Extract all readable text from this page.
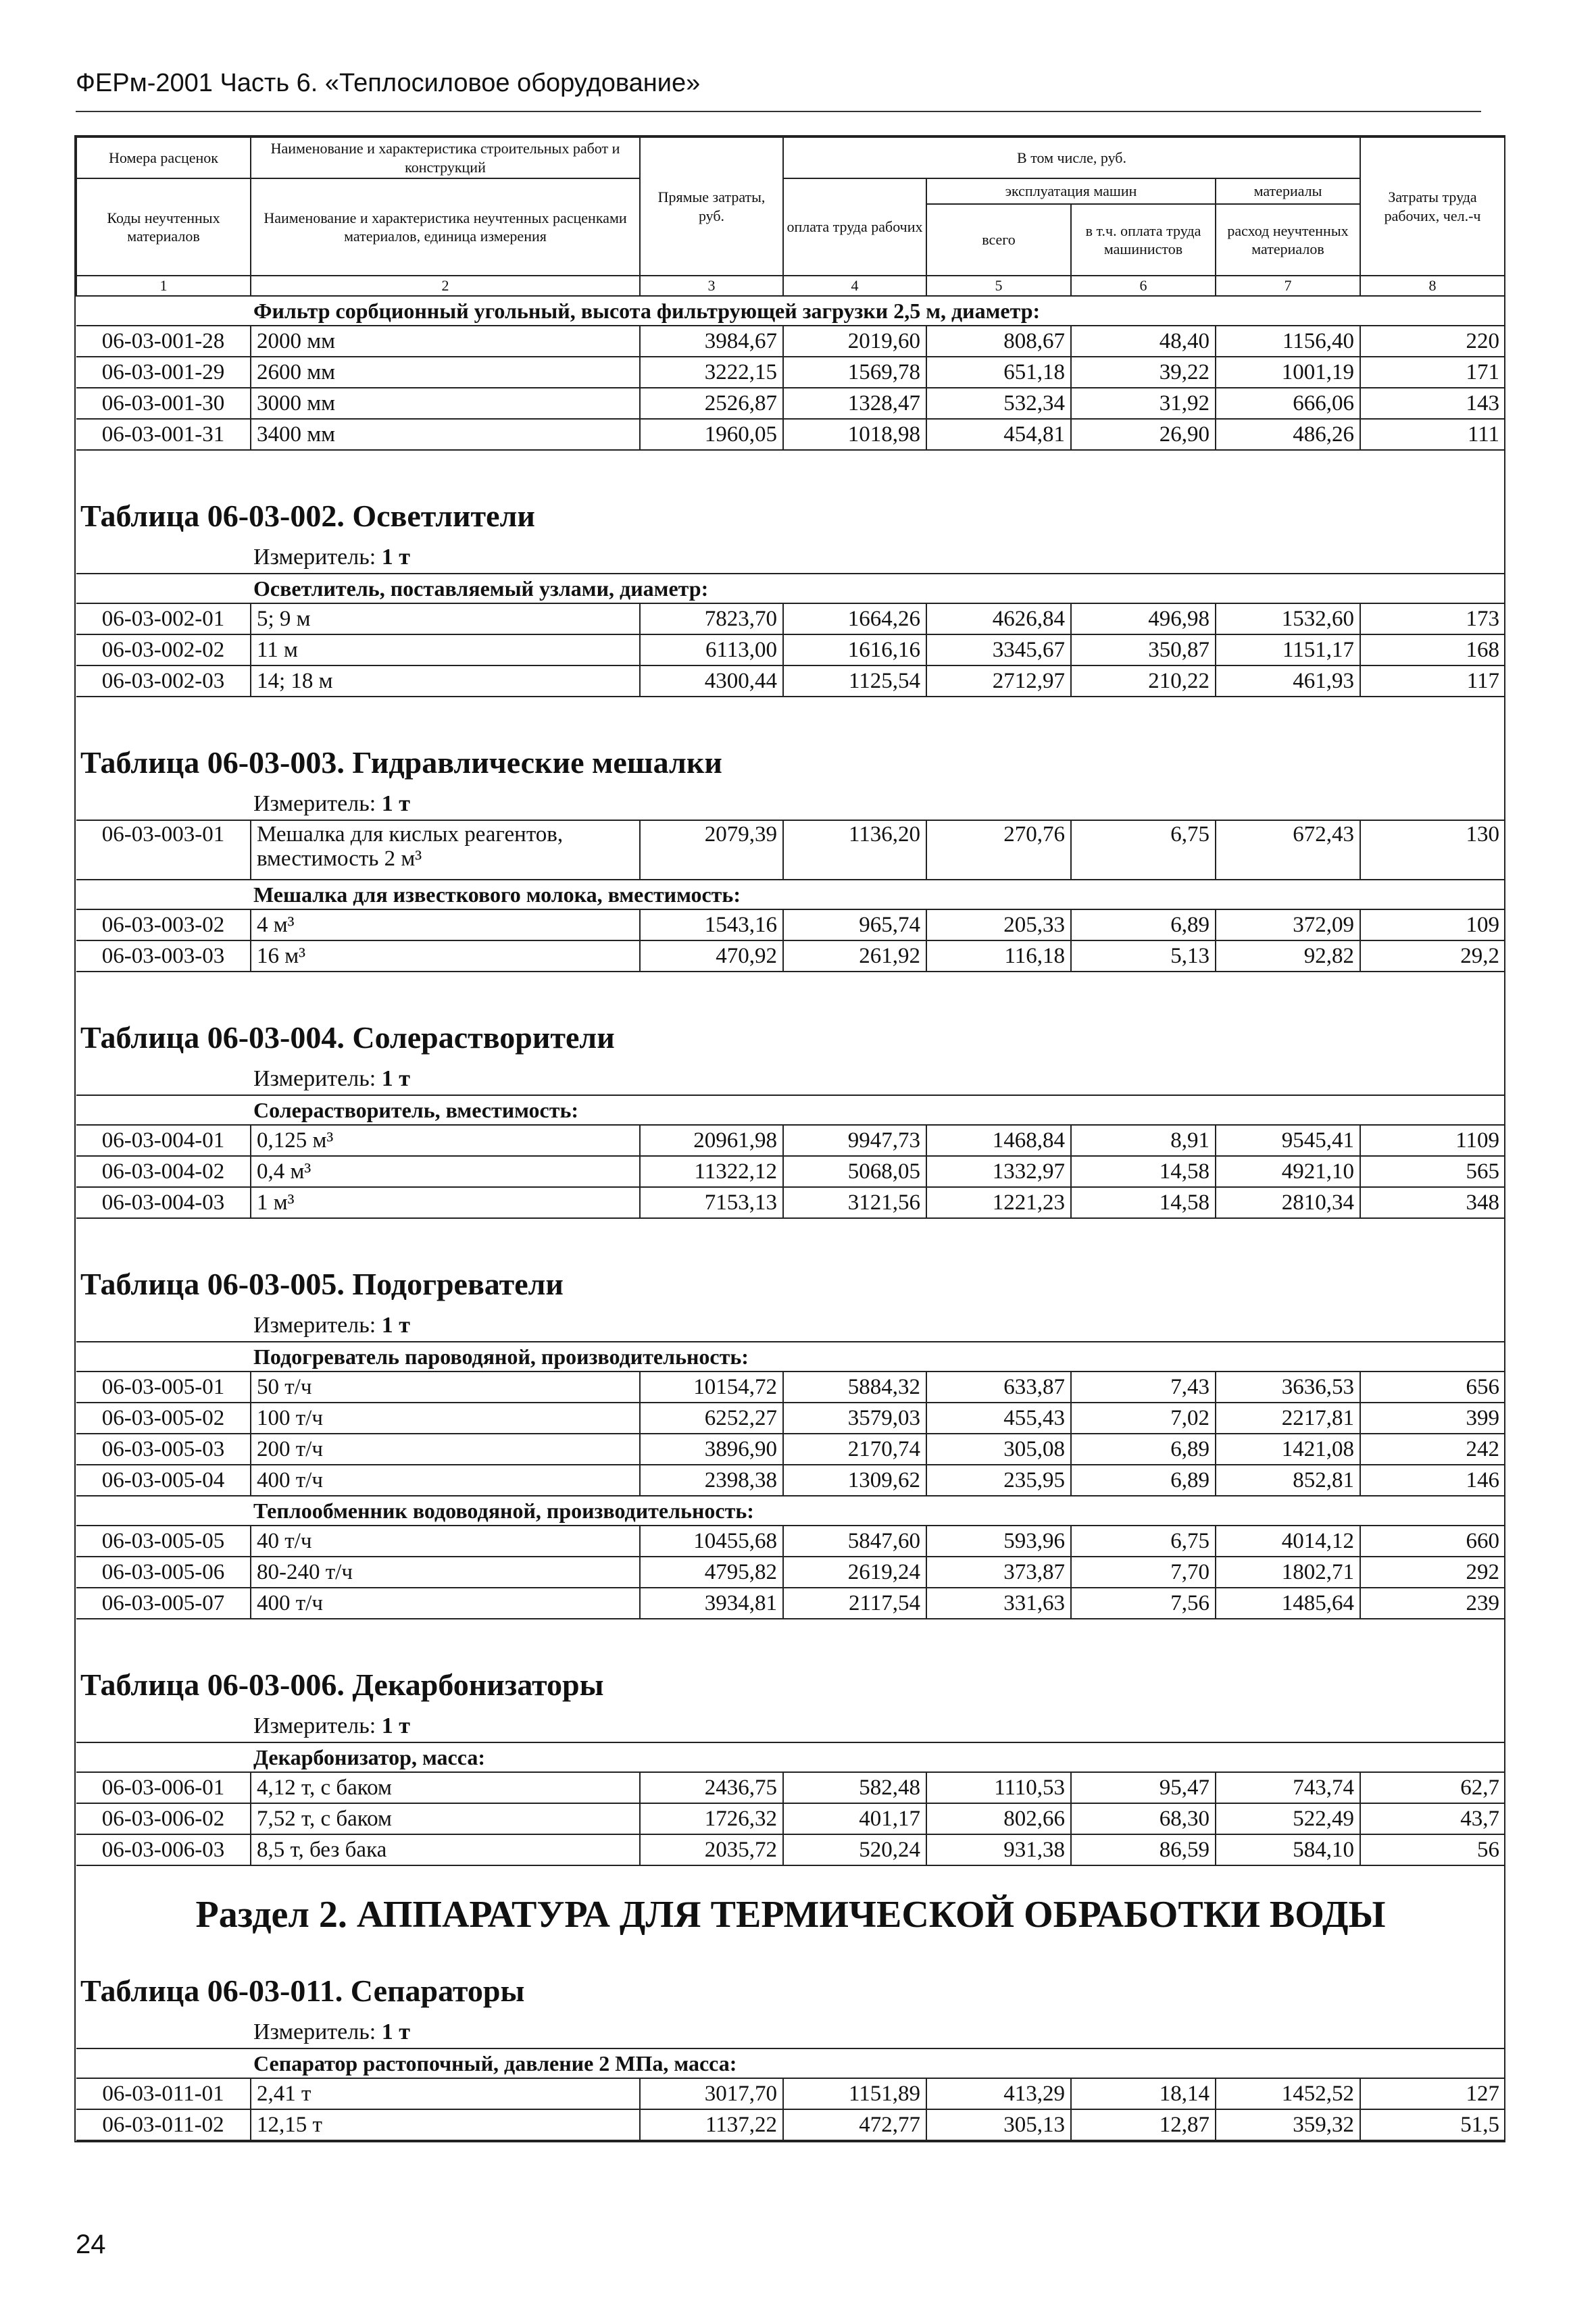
ФЕРм-2001 Часть 6. «Теплосиловое оборудование»
Номера расценок	Наименование и характеристика строительных работ и конструкций	Прямые затраты, руб.	В том числе, руб.				Затраты труда рабочих, чел.-ч
Коды неучтенных материалов	Наименование и характеристика неучтенных расценками материалов, единица измерения		оплата труда рабочих	эксплуатация машин		материалы	
				всего	в т.ч. оплата труда машинистов	расход неучтенных материалов	
1	2	3	4	5	6	7	8
	Фильтр сорбционный угольный, высота фильтрующей загрузки 2,5 м, диаметр:						
06-03-001-28	2000 мм	3984,67	2019,60	808,67	48,40	1156,40	220
06-03-001-29	2600 мм	3222,15	1569,78	651,18	39,22	1001,19	171
06-03-001-30	3000 мм	2526,87	1328,47	532,34	31,92	666,06	143
06-03-001-31	3400 мм	1960,05	1018,98	454,81	26,90	486,26	111

Таблица 06-03-002. Осветлители							
	Измеритель: 1 т						
	Осветлитель, поставляемый узлами, диаметр:						
06-03-002-01	5; 9 м	7823,70	1664,26	4626,84	496,98	1532,60	173
06-03-002-02	11 м	6113,00	1616,16	3345,67	350,87	1151,17	168
06-03-002-03	14; 18 м	4300,44	1125,54	2712,97	210,22	461,93	117

Таблица 06-03-003. Гидравлические мешалки							
	Измеритель: 1 т						
06-03-003-01	Мешалка для кислых реагентов, вместимость 2 м³	2079,39	1136,20	270,76	6,75	672,43	130
	Мешалка для известкового молока, вместимость:						
06-03-003-02	4 м³	1543,16	965,74	205,33	6,89	372,09	109
06-03-003-03	16 м³	470,92	261,92	116,18	5,13	92,82	29,2

Таблица 06-03-004. Солерастворители							
	Измеритель: 1 т						
	Солерастворитель, вместимость:						
06-03-004-01	0,125 м³	20961,98	9947,73	1468,84	8,91	9545,41	1109
06-03-004-02	0,4 м³	11322,12	5068,05	1332,97	14,58	4921,10	565
06-03-004-03	1 м³	7153,13	3121,56	1221,23	14,58	2810,34	348

Таблица 06-03-005. Подогреватели							
	Измеритель: 1 т						
	Подогреватель пароводяной, производительность:						
06-03-005-01	50 т/ч	10154,72	5884,32	633,87	7,43	3636,53	656
06-03-005-02	100 т/ч	6252,27	3579,03	455,43	7,02	2217,81	399
06-03-005-03	200 т/ч	3896,90	2170,74	305,08	6,89	1421,08	242
06-03-005-04	400 т/ч	2398,38	1309,62	235,95	6,89	852,81	146
	Теплообменник водоводяной, производительность:						
06-03-005-05	40 т/ч	10455,68	5847,60	593,96	6,75	4014,12	660
06-03-005-06	80-240 т/ч	4795,82	2619,24	373,87	7,70	1802,71	292
06-03-005-07	400 т/ч	3934,81	2117,54	331,63	7,56	1485,64	239

Таблица 06-03-006. Декарбонизаторы							
	Измеритель: 1 т						
	Декарбонизатор, масса:						
06-03-006-01	4,12 т, с баком	2436,75	582,48	1110,53	95,47	743,74	62,7
06-03-006-02	7,52 т, с баком	1726,32	401,17	802,66	68,30	522,49	43,7
06-03-006-03	8,5 т, без бака	2035,72	520,24	931,38	86,59	584,10	56
Раздел 2. АППАРАТУРА ДЛЯ ТЕРМИЧЕСКОЙ ОБРАБОТКИ ВОДЫ							
Таблица 06-03-011. Сепараторы							
	Измеритель: 1 т						
	Сепаратор растопочный, давление 2 МПа, масса:						
06-03-011-01	2,41 т	3017,70	1151,89	413,29	18,14	1452,52	127
06-03-011-02	12,15 т	1137,22	472,77	305,13	12,87	359,32	51,5
24
